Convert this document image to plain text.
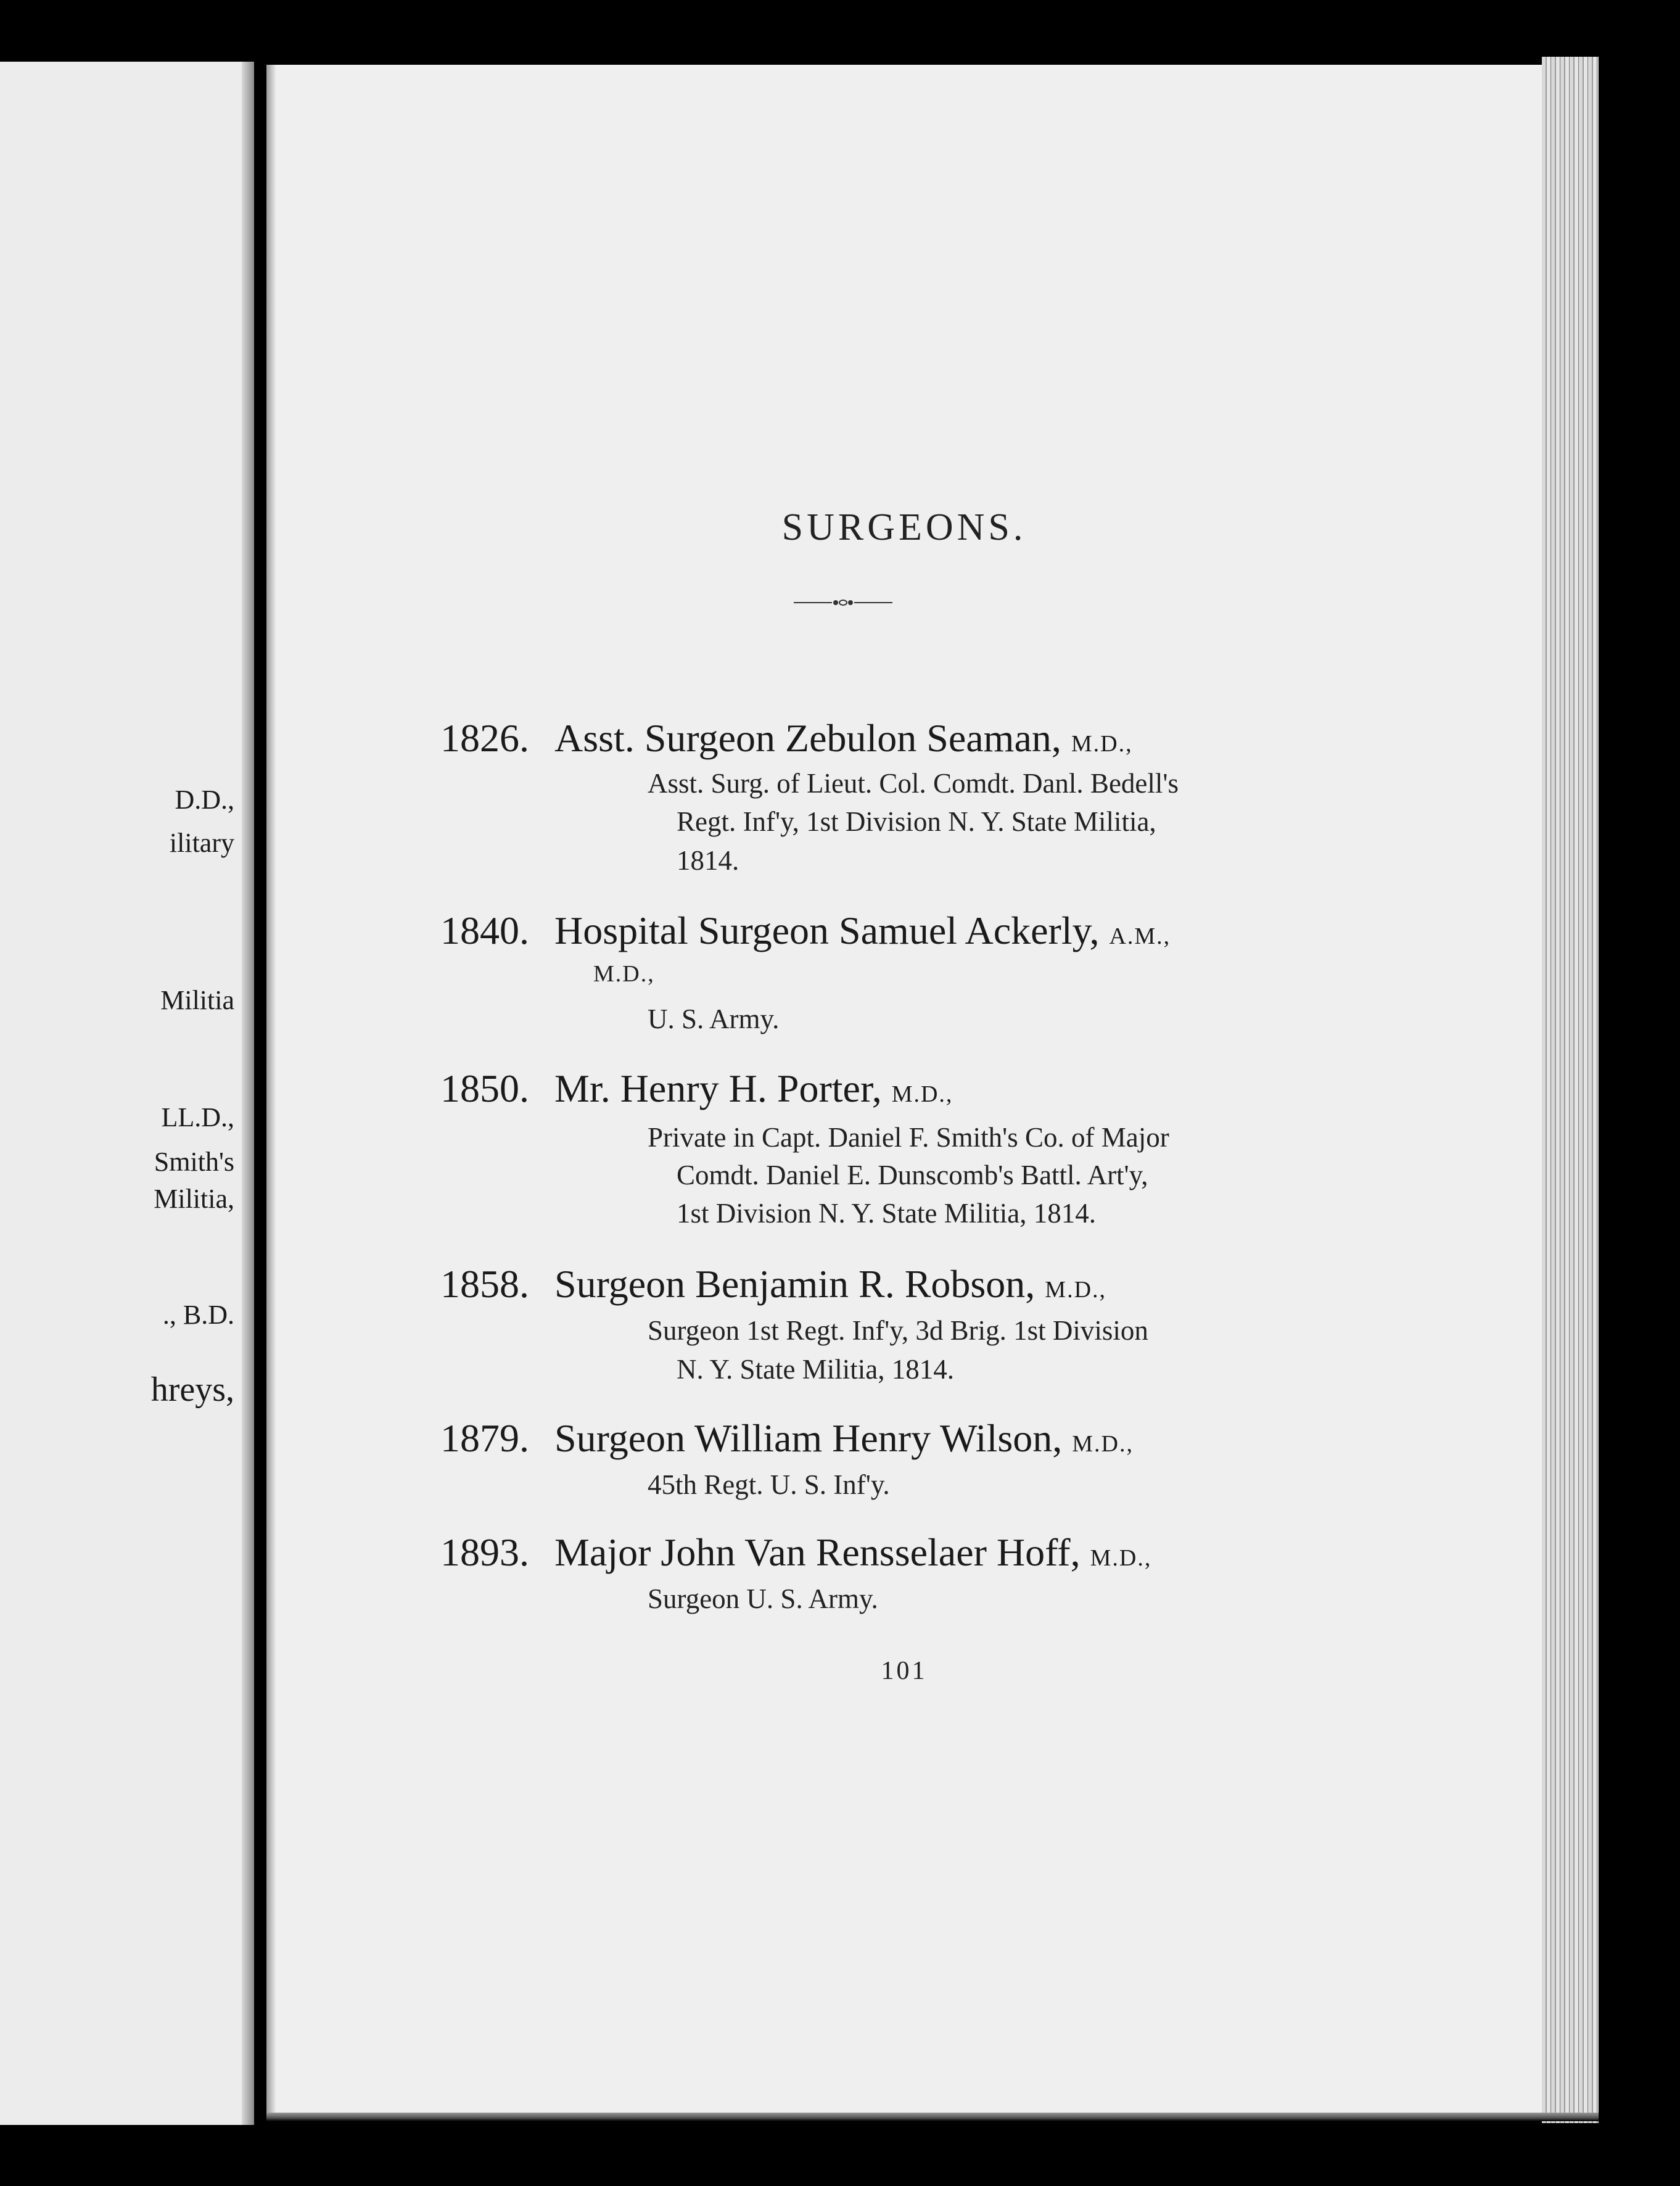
D.D.,
ilitary
Militia
LL.D.,
Smith's
Militia,
., B.D.
hreys,
SURGEONS.
1826. Asst. Surgeon Zebulon Seaman, M.D.,
Asst. Surg. of Lieut. Col. Comdt. Danl. Bedell's
Regt. Inf'y, 1st Division N. Y. State Militia,
1814.
1840. Hospital Surgeon Samuel Ackerly, A.M.,
M.D.,
U. S. Army.
1850. Mr. Henry H. Porter, M.D.,
Private in Capt. Daniel F. Smith's Co. of Major
Comdt. Daniel E. Dunscomb's Battl. Art'y,
1st Division N. Y. State Militia, 1814.
1858. Surgeon Benjamin R. Robson, M.D.,
Surgeon 1st Regt. Inf'y, 3d Brig. 1st Division
N. Y. State Militia, 1814.
1879. Surgeon William Henry Wilson, M.D.,
45th Regt. U. S. Inf'y.
1893. Major John Van Rensselaer Hoff, M.D.,
Surgeon U. S. Army.
101
